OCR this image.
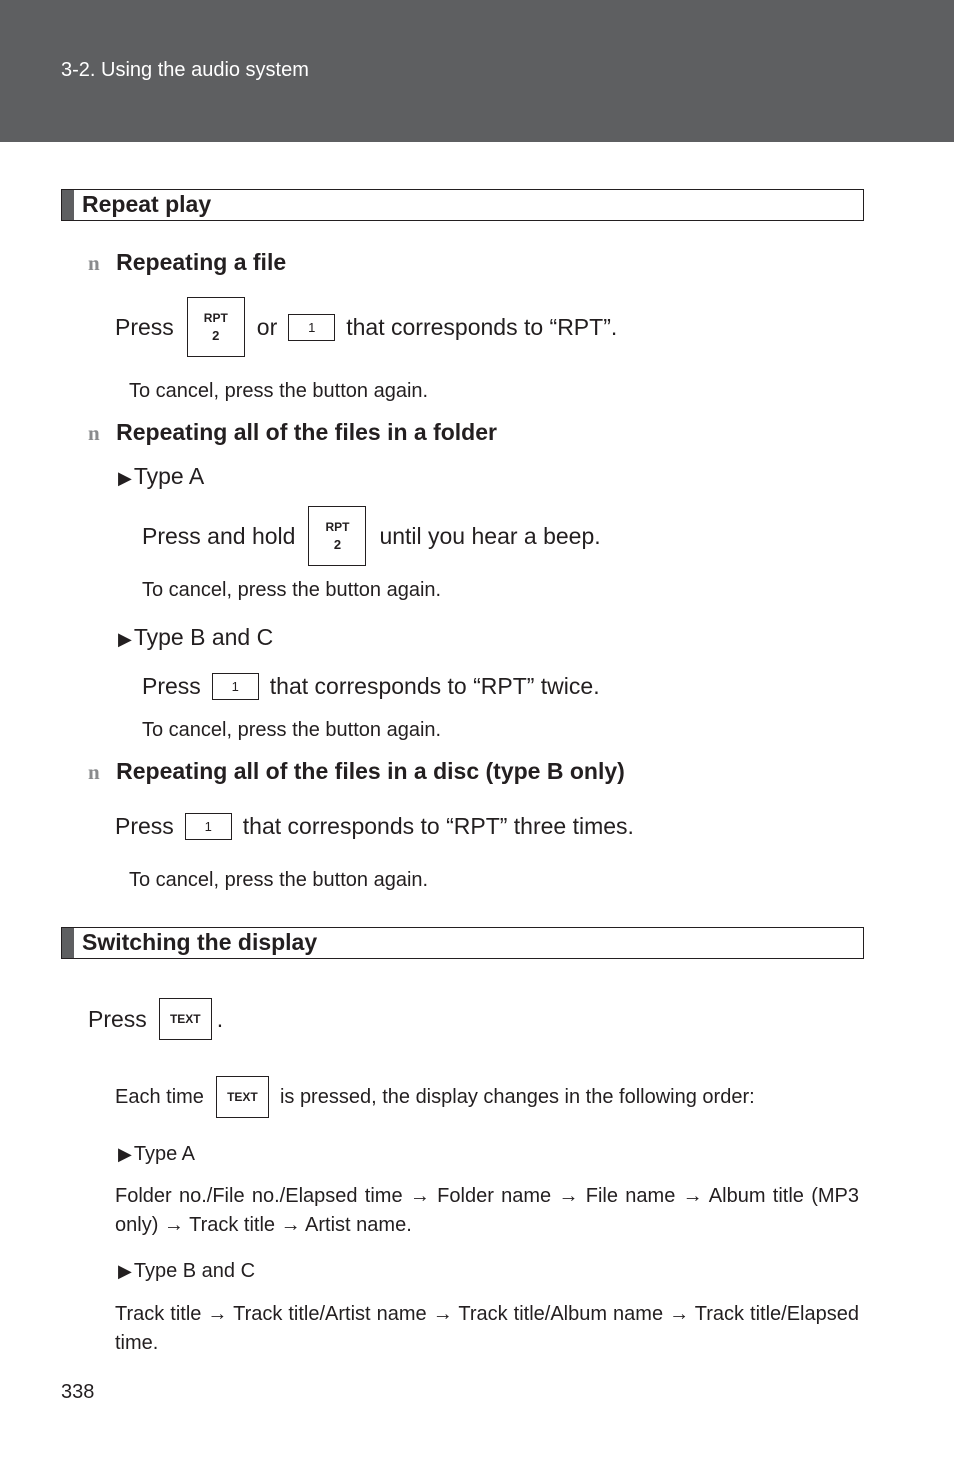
3-2. Using the audio system
Repeat play
n Repeating a file
Press	RPT
2 or 1 that corresponds to “RPT”.
To cancel, press the button again.
n Repeating all of the files in a folder
▶Type A
Press and hold	RPT
2 until you hear a beep.
To cancel, press the button again.
▶Type B and C
Press 1 that corresponds to “RPT” twice.
To cancel, press the button again.
n Repeating all of the files in a disc (type B only)
Press 1 that corresponds to “RPT” three times.
To cancel, press the button again.
Switching the display
Press TEXT .
Each time TEXT is pressed, the display changes in the following order:
▶ Type A
Folder no./File no./Elapsed time → Folder name → File name → Album title (MP3 only) → Track title → Artist name.
▶ Type B and C
Track title → Track title/Artist name → Track title/Album name → Track title/Elapsed time.
338
